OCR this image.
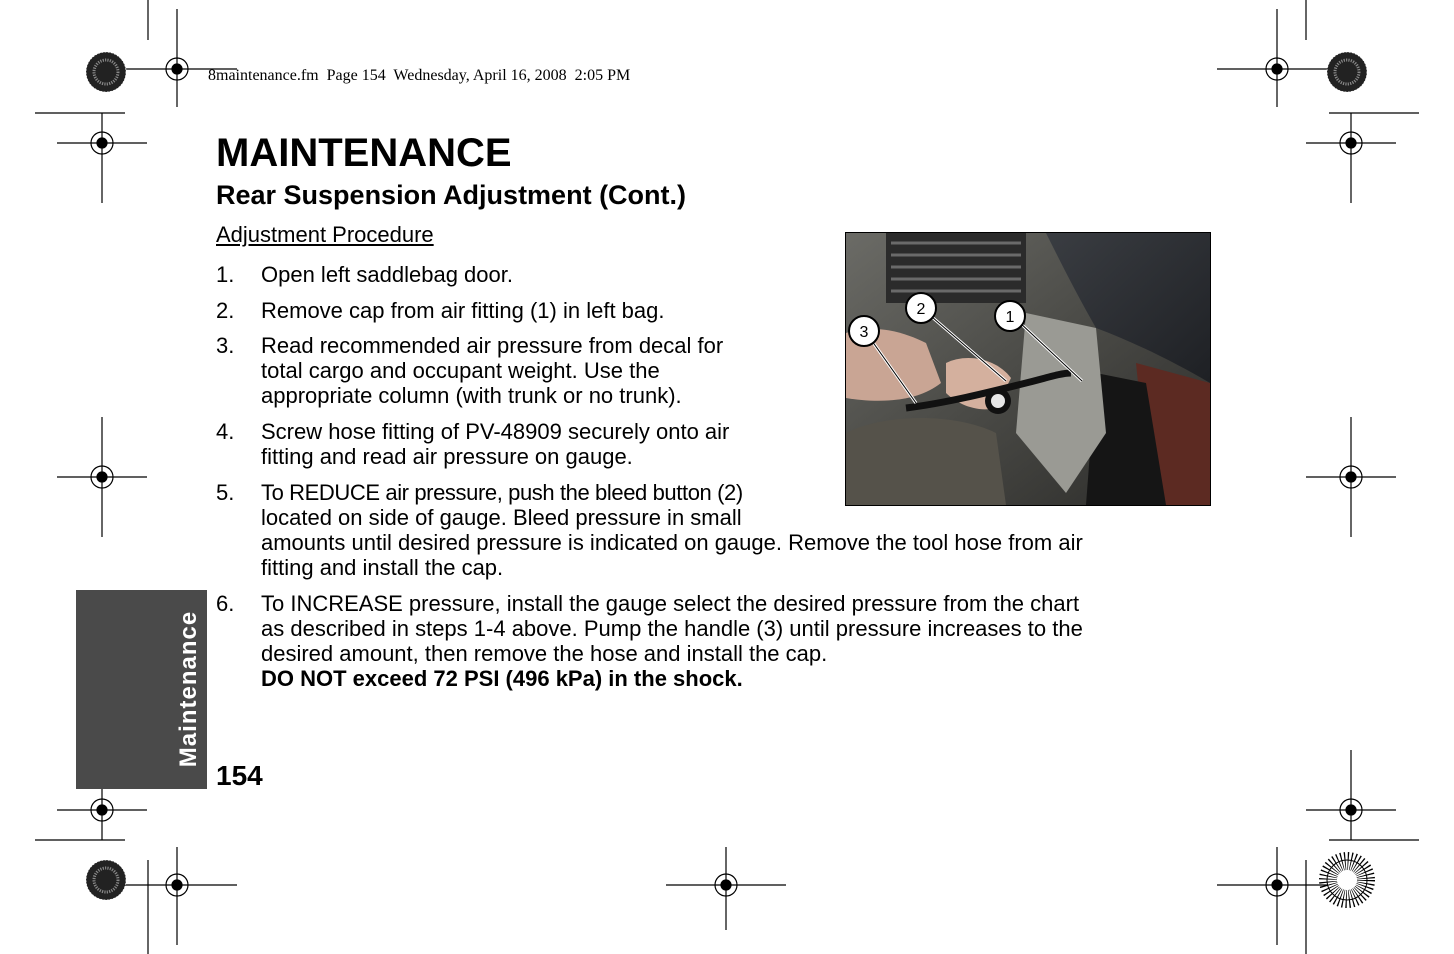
8maintenance.fm  Page 154  Wednesday, April 16, 2008  2:05 PM
MAINTENANCE
Rear Suspension Adjustment (Cont.)
Adjustment Procedure
1. Open left saddlebag door.
2. Remove cap from air fitting (1) in left bag.
3. Read recommended air pressure from decal for
total cargo and occupant weight. Use the
appropriate column (with trunk or no trunk).
4. Screw hose fitting of PV-48909 securely onto air
fitting and read air pressure on gauge.
5. To REDUCE air pressure, push the bleed button (2)
located on side of gauge. Bleed pressure in small
amounts until desired pressure is indicated on gauge. Remove the tool hose from air
fitting and install the cap.
6. To INCREASE pressure, install the gauge select the desired pressure from the chart
as described in steps 1-4 above. Pump the handle (3) until pressure increases to the
desired amount, then remove the hose and install the cap.
DO NOT exceed 72 PSI (496 kPa) in the shock.
1
2
3
Maintenance
154
